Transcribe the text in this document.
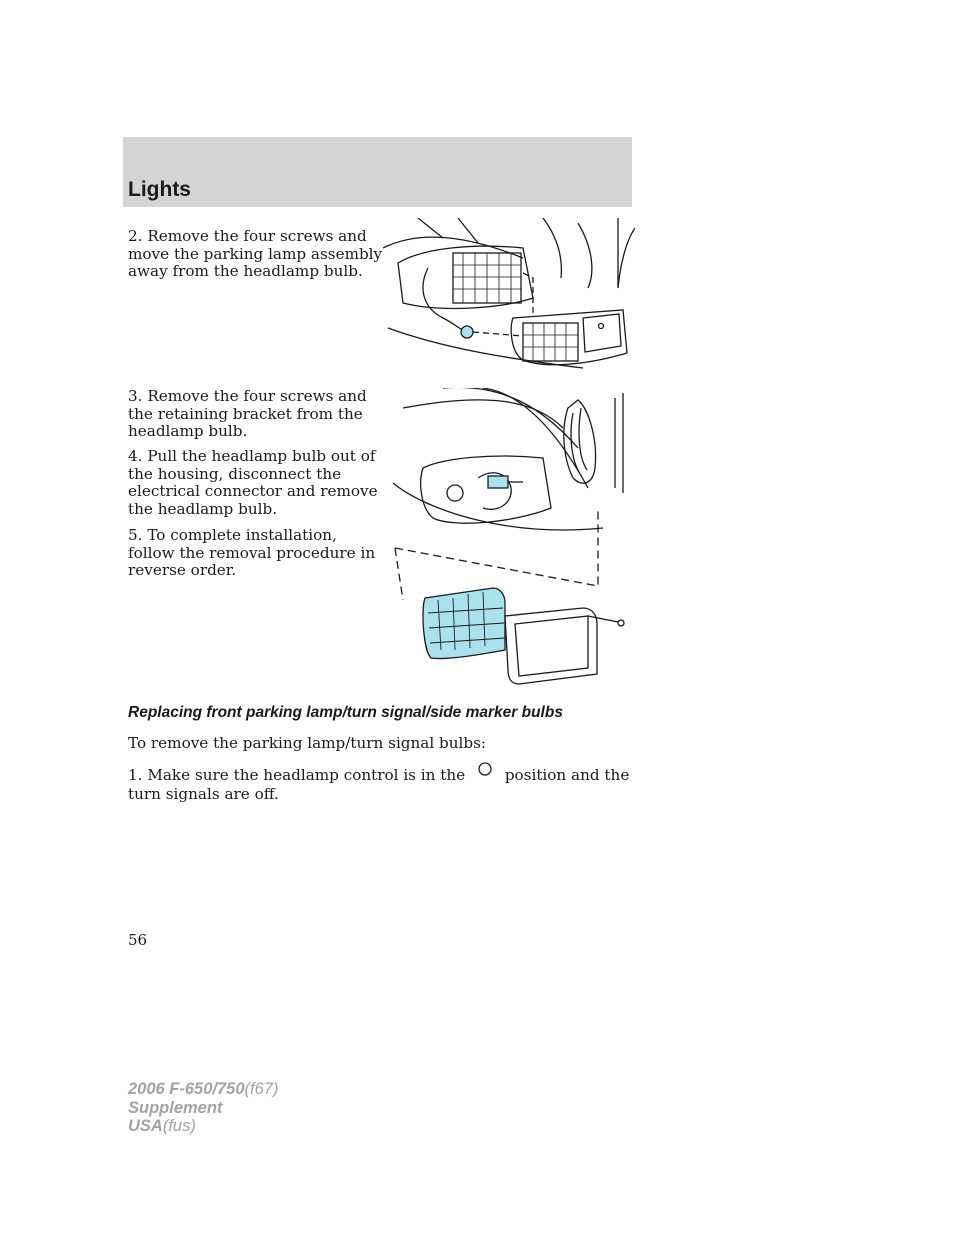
Lights

2. Remove the four screws and move the parking lamp assembly away from the headlamp bulb.

3. Remove the four screws and the retaining bracket from the headlamp bulb.

4. Pull the headlamp bulb out of the housing, disconnect the electrical connector and remove the headlamp bulb.

5. To complete installation, follow the removal procedure in reverse order.

Replacing front parking lamp/turn signal/side marker bulbs

To remove the parking lamp/turn signal bulbs:

1. Make sure the headlamp control is in the	position and the turn signals are off.

56

2006 F-650/750(f67)
Supplement
USA(fus)
